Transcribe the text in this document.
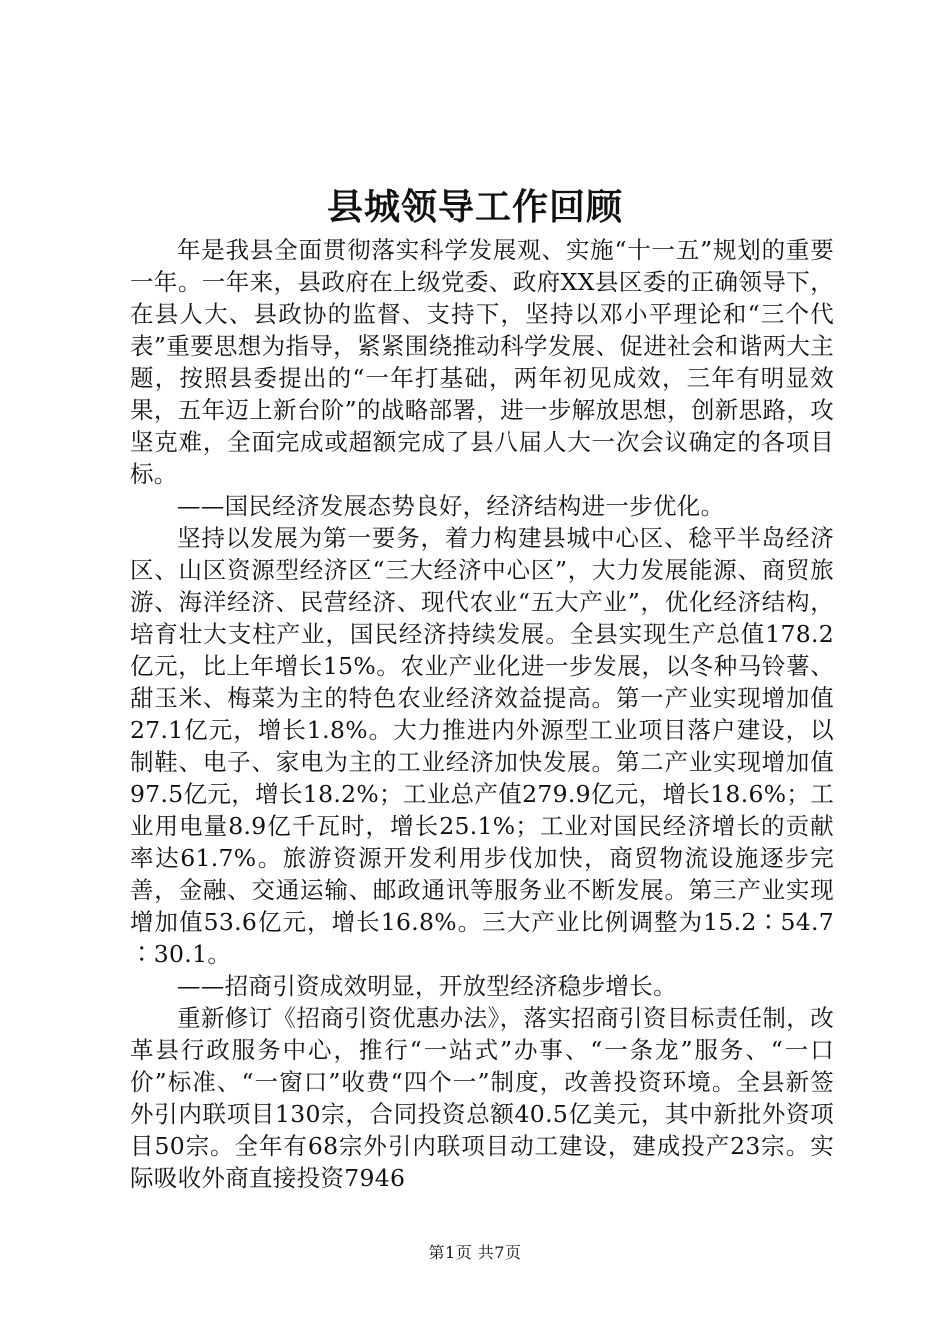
县城领导工作回顾

年是我县全面贯彻落实科学发展观、实施“十一五”规划的重要一年。一年来，县政府在上级党委、政府XX县区委的正确领导下，在县人大、县政协的监督、支持下，坚持以邓小平理论和“三个代表”重要思想为指导，紧紧围绕推动科学发展、促进社会和谐两大主题，按照县委提出的“一年打基础，两年初见成效，三年有明显效果，五年迈上新台阶”的战略部署，进一步解放思想，创新思路，攻坚克难，全面完成或超额完成了县八届人大一次会议确定的各项目标。

——国民经济发展态势良好，经济结构进一步优化。

坚持以发展为第一要务，着力构建县城中心区、稔平半岛经济区、山区资源型经济区“三大经济中心区”，大力发展能源、商贸旅游、海洋经济、民营经济、现代农业“五大产业”，优化经济结构，培育壮大支柱产业，国民经济持续发展。全县实现生产总值178.2亿元，比上年增长15%。农业产业化进一步发展，以冬种马铃薯、甜玉米、梅菜为主的特色农业经济效益提高。第一产业实现增加值27.1亿元，增长1.8%。大力推进内外源型工业项目落户建设，以制鞋、电子、家电为主的工业经济加快发展。第二产业实现增加值97.5亿元，增长18.2%；工业总产值279.9亿元，增长18.6%；工业用电量8.9亿千瓦时，增长25.1%；工业对国民经济增长的贡献率达61.7%。旅游资源开发利用步伐加快，商贸物流设施逐步完善，金融、交通运输、邮政通讯等服务业不断发展。第三产业实现增加值53.6亿元，增长16.8%。三大产业比例调整为15.2∶54.7∶30.1。

——招商引资成效明显，开放型经济稳步增长。

重新修订《招商引资优惠办法》，落实招商引资目标责任制，改革县行政服务中心，推行“一站式”办事、“一条龙”服务、“一口价”标准、“一窗口”收费“四个一”制度，改善投资环境。全县新签外引内联项目130宗，合同投资总额40.5亿美元，其中新批外资项目50宗。全年有68宗外引内联项目动工建设，建成投产23宗。实际吸收外商直接投资7946

第1页 共7页
